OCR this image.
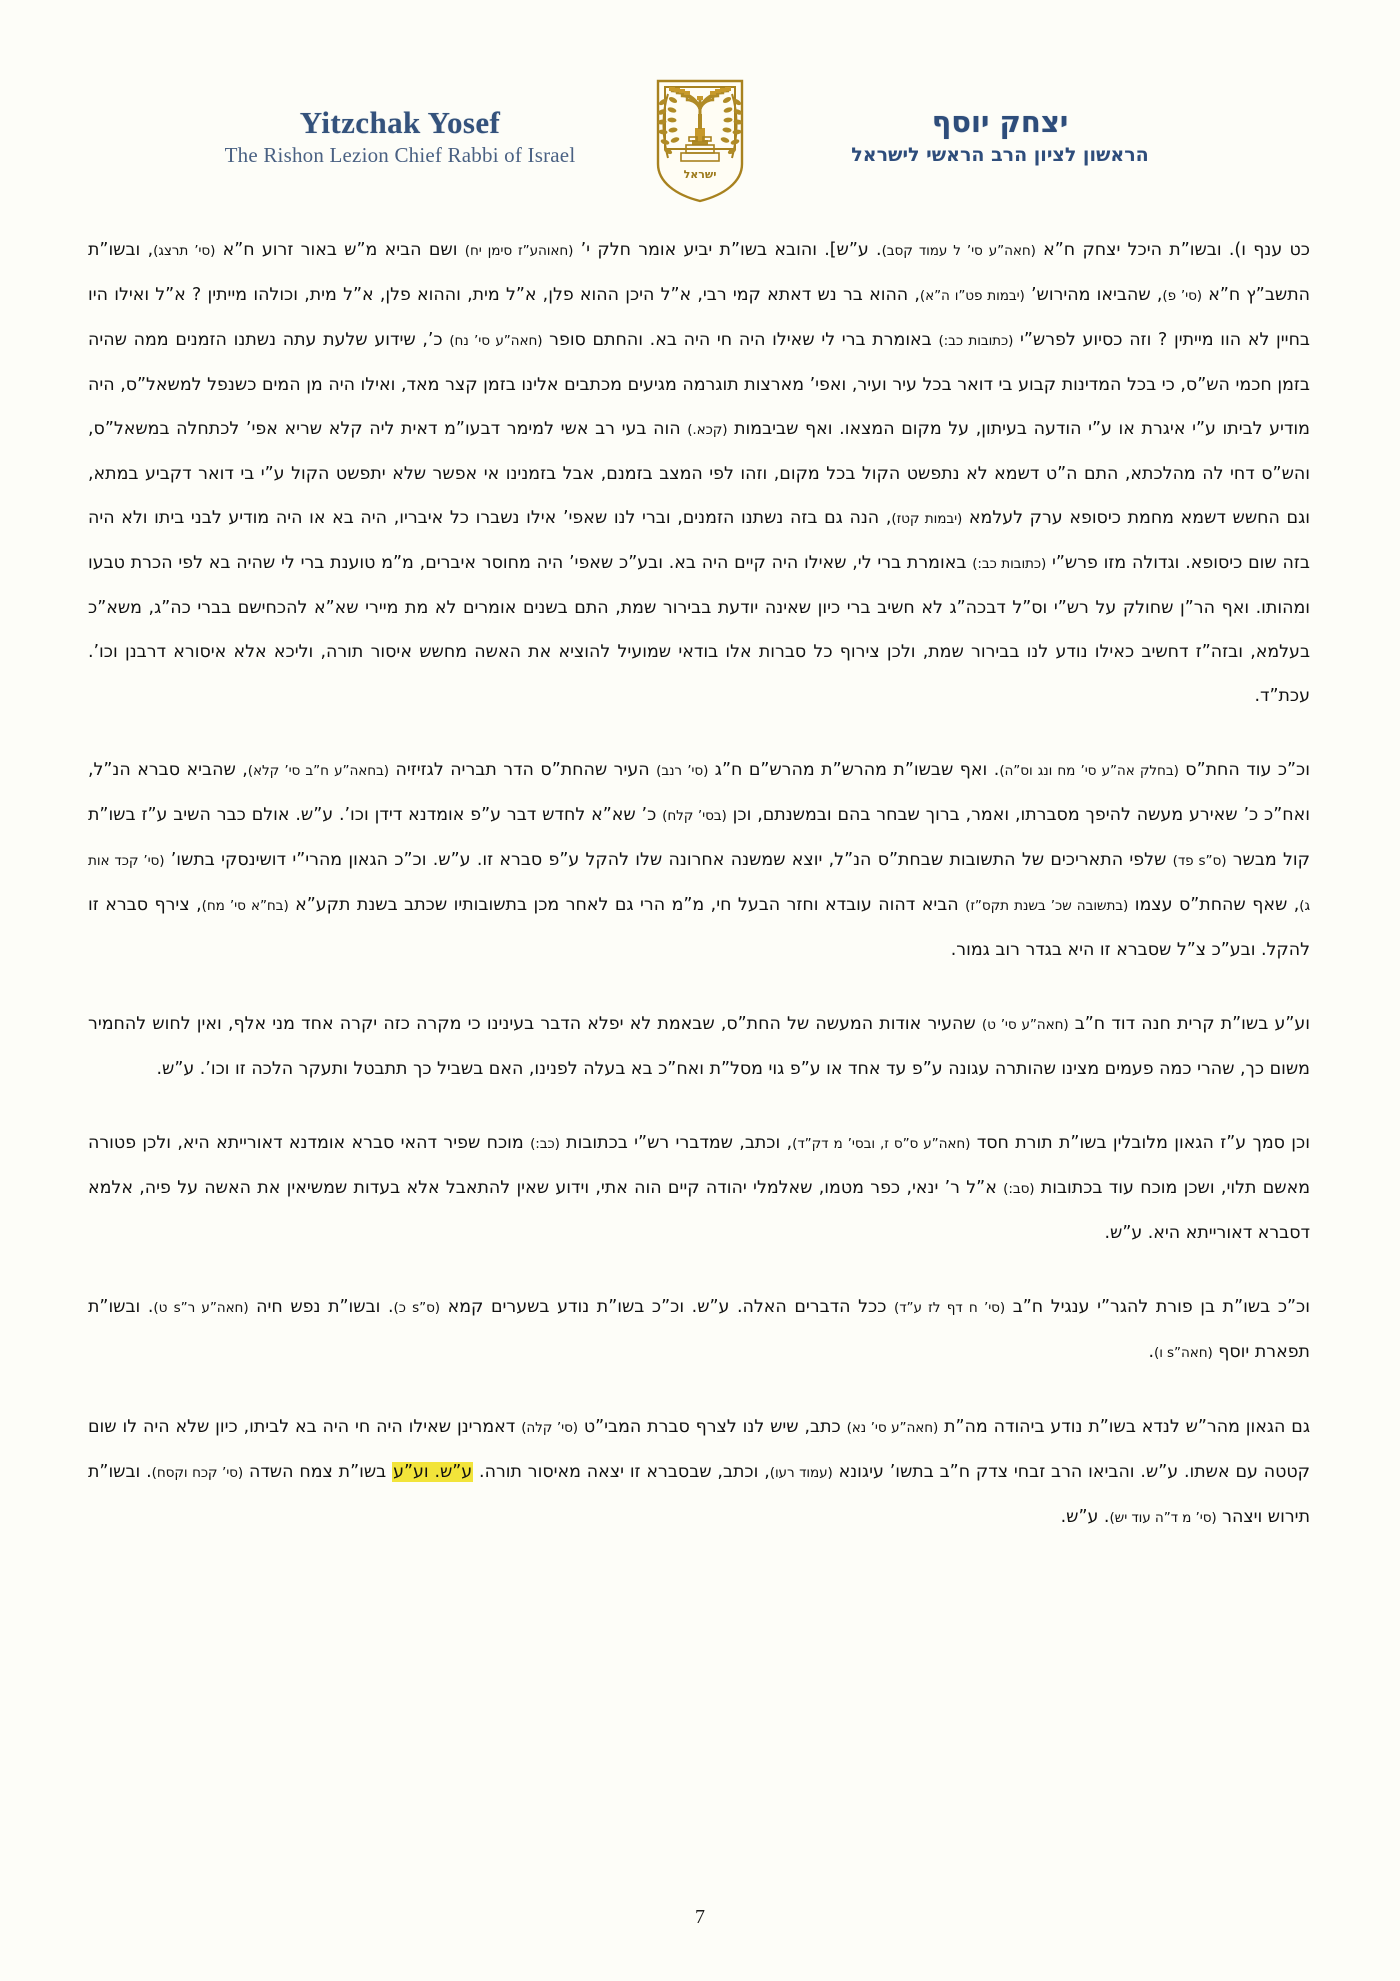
Yitzchak Yosef
The Rishon Lezion Chief Rabbi of Israel
ישראל
יצחק יוסף
הראשון לציון הרב הראשי לישראל

כט ענף ו). ובשו”ת היכל יצחק ח”א (חאה”ע סי’ ל עמוד קסב). ע”ש]. והובא בשו”ת יביע אומר חלק י’ (חאוהע”ז סימן יח) ושם הביא מ”ש באור זרוע ח”א (סי’ תרצג), ובשו”ת התשב”ץ ח”א (סי’ פ), שהביאו מהירוש’ (יבמות פט”ו ה”א), ההוא בר נש דאתא קמי רבי, א”ל היכן ההוא פלן, א”ל מית, וההוא פלן, א”ל מית, וכולהו מייתין ? א”ל ואילו היו בחיין לא הוו מייתין ? וזה כסיוע לפרש”י (כתובות כב:) באומרת ברי לי שאילו היה חי היה בא. והחתם סופר (חאה”ע סי’ נח) כ’, שידוע שלעת עתה נשתנו הזמנים ממה שהיה בזמן חכמי הש”ס, כי בכל המדינות קבוע בי דואר בכל עיר ועיר, ואפי’ מארצות תוגרמה מגיעים מכתבים אלינו בזמן קצר מאד, ואילו היה מן המים כשנפל למשאל”ס, היה מודיע לביתו ע”י איגרת או ע”י הודעה בעיתון, על מקום המצאו. ואף שביבמות (קכא.) הוה בעי רב אשי למימר דבעו”מ דאית ליה קלא שריא אפי’ לכתחלה במשאל”ס, והש”ס דחי לה מהלכתא, התם ה”ט דשמא לא נתפשט הקול בכל מקום, וזהו לפי המצב בזמנם, אבל בזמנינו אי אפשר שלא יתפשט הקול ע”י בי דואר דקביע במתא, וגם החשש דשמא מחמת כיסופא ערק לעלמא (יבמות קטז), הנה גם בזה נשתנו הזמנים, וברי לנו שאפי’ אילו נשברו כל איבריו, היה בא או היה מודיע לבני ביתו ולא היה בזה שום כיסופא. וגדולה מזו פרש”י (כתובות כב:) באומרת ברי לי, שאילו היה קיים היה בא. ובע”כ שאפי’ היה מחוסר איברים, מ”מ טוענת ברי לי שהיה בא לפי הכרת טבעו ומהותו. ואף הר”ן שחולק על רש”י וס”ל דבכה”ג לא חשיב ברי כיון שאינה יודעת בבירור שמת, התם בשנים אומרים לא מת מיירי שא”א להכחישם בברי כה”ג, משא”כ בעלמא, ובזה”ז דחשיב כאילו נודע לנו בבירור שמת, ולכן צירוף כל סברות אלו בודאי שמועיל להוציא את האשה מחשש איסור תורה, וליכא אלא איסורא דרבנן וכו’. עכת”ד.

וכ”כ עוד החת”ס (בחלק אה”ע סי’ מח ונג וס”ה). ואף שבשו”ת מהרש”ת מהרש”ם ח”ג (סי’ רנב) העיר שהחת”ס הדר תבריה לגזיזיה (בחאה”ע ח”ב סי’ קלא), שהביא סברא הנ”ל, ואח”כ כ’ שאירע מעשה להיפך מסברתו, ואמר, ברוך שבחר בהם ובמשנתם, וכן (בסי’ קלח) כ’ שא”א לחדש דבר ע”פ אומדנא דידן וכו’. ע”ש. אולם כבר השיב ע”ז בשו”ת קול מבשר (ס”s פד) שלפי התאריכים של התשובות שבחת”ס הנ”ל, יוצא שמשנה אחרונה שלו להקל ע”פ סברא זו. ע”ש. וכ”כ הגאון מהרי”י דושינסקי בתשו’ (סי’ קכד אות ג), שאף שהחת”ס עצמו (בתשובה שכ’ בשנת תקס”ז) הביא דהוה עובדא וחזר הבעל חי, מ”מ הרי גם לאחר מכן בתשובותיו שכתב בשנת תקע”א (בח”א סי’ מח), צירף סברא זו להקל. ובע”כ צ”ל שסברא זו היא בגדר רוב גמור.

וע”ע בשו”ת קרית חנה דוד ח”ב (חאה”ע סי’ ט) שהעיר אודות המעשה של החת”ס, שבאמת לא יפלא הדבר בעינינו כי מקרה כזה יקרה אחד מני אלף, ואין לחוש להחמיר משום כך, שהרי כמה פעמים מצינו שהותרה עגונה ע”פ עד אחד או ע”פ גוי מסל”ת ואח”כ בא בעלה לפנינו, האם בשביל כך תתבטל ותעקר הלכה זו וכו’. ע”ש.

וכן סמך ע”ז הגאון מלובלין בשו”ת תורת חסד (חאה”ע ס”ס ז, ובסי’ מ דק”ד), וכתב, שמדברי רש”י בכתובות (כב:) מוכח שפיר דהאי סברא אומדנא דאורייתא היא, ולכן פטורה מאשם תלוי, ושכן מוכח עוד בכתובות (סב:) א”ל ר’ ינאי, כפר מטמו, שאלמלי יהודה קיים הוה אתי, וידוע שאין להתאבל אלא בעדות שמשיאין את האשה על פיה, אלמא דסברא דאורייתא היא. ע”ש.

וכ”כ בשו”ת בן פורת להגר”י ענגיל ח”ב (סי’ ח דף לז ע”ד) ככל הדברים האלה. ע”ש. וכ”כ בשו”ת נודע בשערים קמא (ס”s כ). ובשו”ת נפש חיה (חאה”ע ר”s ט). ובשו”ת תפארת יוסף (חאה”s ו).

גם הגאון מהר”ש לנדא בשו”ת נודע ביהודה מה”ת (חאה”ע סי’ נא) כתב, שיש לנו לצרף סברת המבי”ט (סי’ קלה) דאמרינן שאילו היה חי היה בא לביתו, כיון שלא היה לו שום קטטה עם אשתו. ע”ש. והביאו הרב זבחי צדק ח”ב בתשו’ עיגונא (עמוד רעו), וכתב, שבסברא זו יצאה מאיסור תורה. ע”ש. וע”ע בשו”ת צמח השדה (סי’ קכח וקסח). ובשו”ת תירוש ויצהר (סי’ מ ד”ה עוד יש). ע”ש.

7
